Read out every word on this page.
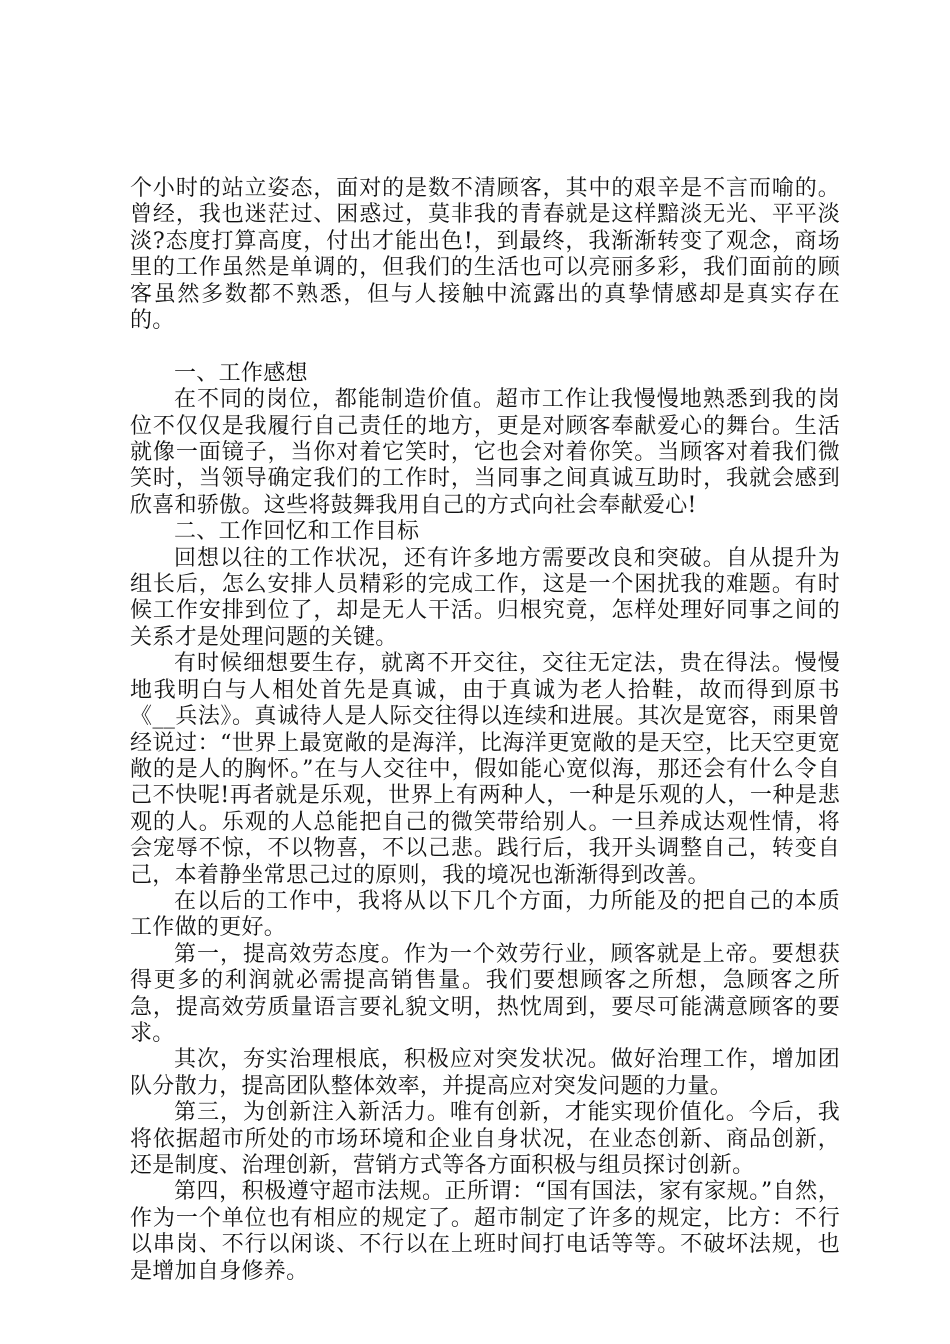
个小时的站立姿态，面对的是数不清顾客，其中的艰辛是不言而喻的。曾经，我也迷茫过、困惑过，莫非我的青春就是这样黯淡无光、平平淡淡?态度打算高度，付出才能出色!，到最终，我渐渐转变了观念，商场里的工作虽然是单调的，但我们的生活也可以亮丽多彩，我们面前的顾客虽然多数都不熟悉，但与人接触中流露出的真挚情感却是真实存在的。

一、工作感想

在不同的岗位，都能制造价值。超市工作让我慢慢地熟悉到我的岗位不仅仅是我履行自己责任的地方，更是对顾客奉献爱心的舞台。生活就像一面镜子，当你对着它笑时，它也会对着你笑。当顾客对着我们微笑时，当领导确定我们的工作时，当同事之间真诚互助时，我就会感到欣喜和骄傲。这些将鼓舞我用自己的方式向社会奉献爱心!

二、工作回忆和工作目标

回想以往的工作状况，还有许多地方需要改良和突破。自从提升为组长后，怎么安排人员精彩的完成工作，这是一个困扰我的难题。有时候工作安排到位了，却是无人干活。归根究竟，怎样处理好同事之间的关系才是处理问题的关键。

有时候细想要生存，就离不开交往，交往无定法，贵在得法。慢慢地我明白与人相处首先是真诚，由于真诚为老人拾鞋，故而得到原书《__兵法》。真诚待人是人际交往得以连续和进展。其次是宽容，雨果曾经说过：“世界上最宽敞的是海洋，比海洋更宽敞的是天空，比天空更宽敞的是人的胸怀。”在与人交往中，假如能心宽似海，那还会有什么令自己不快呢!再者就是乐观，世界上有两种人，一种是乐观的人，一种是悲观的人。乐观的人总能把自己的微笑带给别人。一旦养成达观性情，将会宠辱不惊，不以物喜，不以己悲。践行后，我开头调整自己，转变自己，本着静坐常思己过的原则，我的境况也渐渐得到改善。

在以后的工作中，我将从以下几个方面，力所能及的把自己的本质工作做的更好。

第一，提高效劳态度。作为一个效劳行业，顾客就是上帝。要想获得更多的利润就必需提高销售量。我们要想顾客之所想，急顾客之所急，提高效劳质量语言要礼貌文明，热忱周到，要尽可能满意顾客的要求。

其次，夯实治理根底，积极应对突发状况。做好治理工作，增加团队分散力，提高团队整体效率，并提高应对突发问题的力量。

第三，为创新注入新活力。唯有创新，才能实现价值化。今后，我将依据超市所处的市场环境和企业自身状况，在业态创新、商品创新，还是制度、治理创新，营销方式等各方面积极与组员探讨创新。

第四，积极遵守超市法规。正所谓：“国有国法，家有家规。”自然，作为一个单位也有相应的规定了。超市制定了许多的规定，比方：不行以串岗、不行以闲谈、不行以在上班时间打电话等等。不破坏法规，也是增加自身修养。
